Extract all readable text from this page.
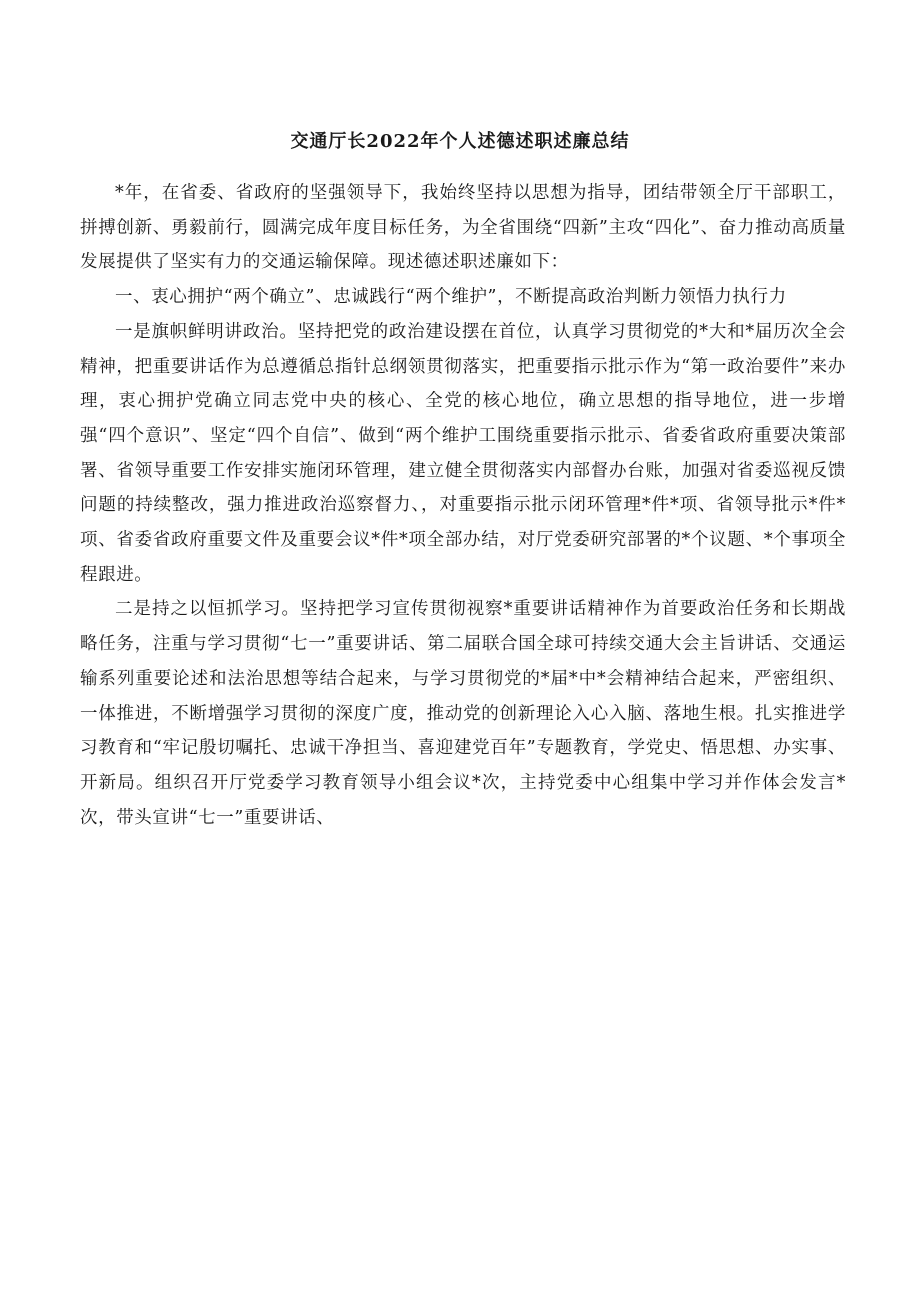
交通厅长2022年个人述德述职述廉总结

*年，在省委、省政府的坚强领导下，我始终坚持以思想为指导，团结带领全厅干部职工，拼搏创新、勇毅前行，圆满完成年度目标任务，为全省围绕“四新”主攻“四化”、奋力推动高质量发展提供了坚实有力的交通运输保障。现述德述职述廉如下：

一、衷心拥护“两个确立”、忠诚践行“两个维护”，不断提高政治判断力领悟力执行力

一是旗帜鲜明讲政治。坚持把党的政治建设摆在首位，认真学习贯彻党的*大和*届历次全会精神，把重要讲话作为总遵循总指针总纲领贯彻落实，把重要指示批示作为“第一政治要件”来办理，衷心拥护党确立同志党中央的核心、全党的核心地位，确立思想的指导地位，进一步增强“四个意识”、坚定“四个自信”、做到“两个维护工围绕重要指示批示、省委省政府重要决策部署、省领导重要工作安排实施闭环管理，建立健全贯彻落实内部督办台账，加强对省委巡视反馈问题的持续整改，强力推进政治巡察督力、，对重要指示批示闭环管理*件*项、省领导批示*件*项、省委省政府重要文件及重要会议*件*项全部办结，对厅党委研究部署的*个议题、*个事项全程跟进。

二是持之以恒抓学习。坚持把学习宣传贯彻视察*重要讲话精神作为首要政治任务和长期战略任务，注重与学习贯彻“七一”重要讲话、第二届联合国全球可持续交通大会主旨讲话、交通运输系列重要论述和法治思想等结合起来，与学习贯彻党的*届*中*会精神结合起来，严密组织、一体推进，不断增强学习贯彻的深度广度，推动党的创新理论入心入脑、落地生根。扎实推进学习教育和“牢记殷切嘱托、忠诚干净担当、喜迎建党百年”专题教育，学党史、悟思想、办实事、开新局。组织召开厅党委学习教育领导小组会议*次，主持党委中心组集中学习并作体会发言*次，带头宣讲“七一”重要讲话、
